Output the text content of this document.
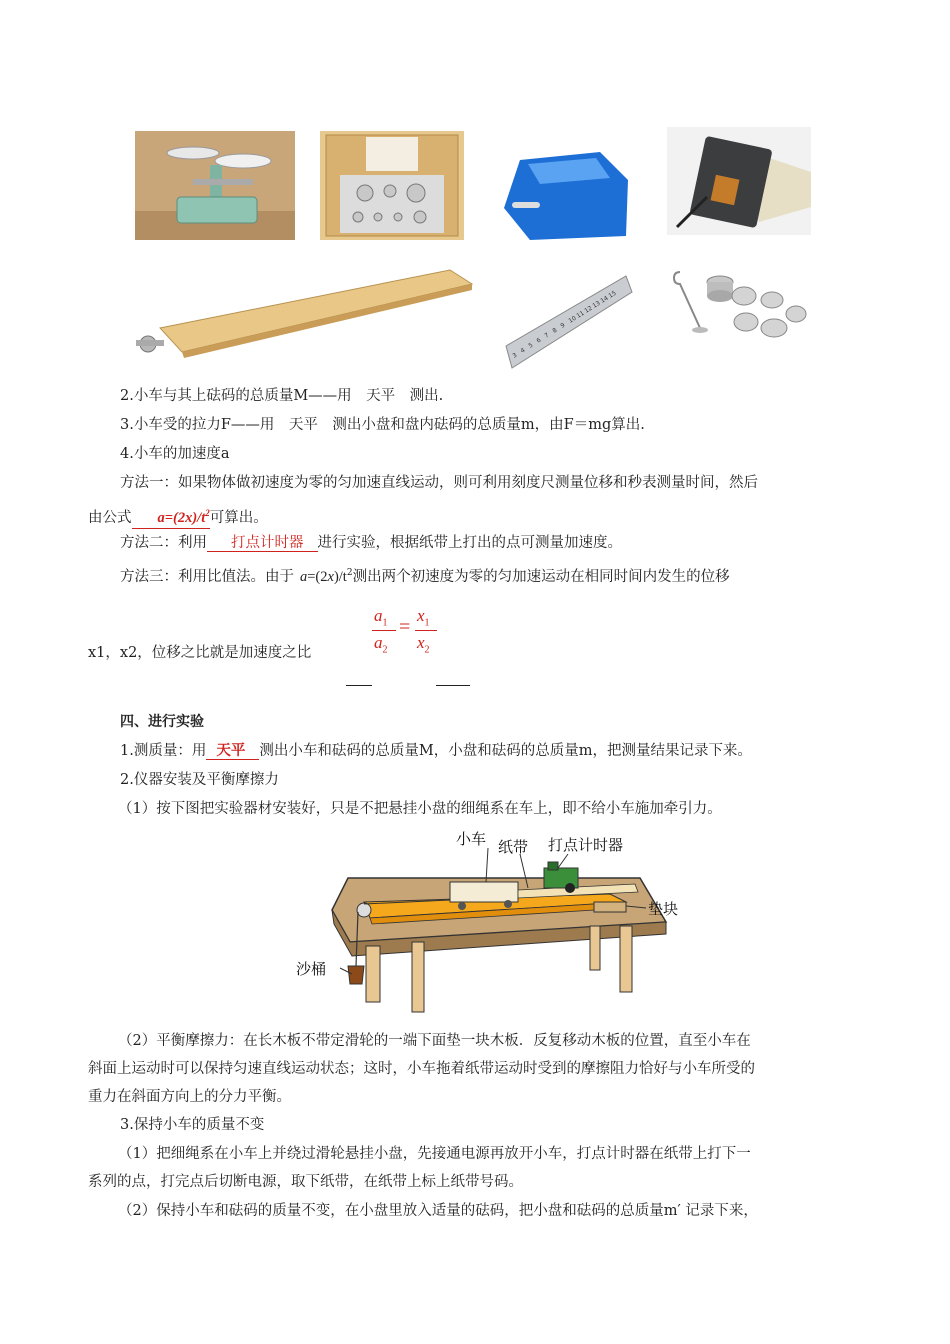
3
4
5
6
7
8
9
10
11
12
13
14
15
2.小车与其上砝码的总质量M——用　天平　测出.
3.小车受的拉力F——用　天平　测出小盘和盘内砝码的总质量m，由F＝mg算出.
4.小车的加速度a
方法一：如果物体做初速度为零的匀加速直线运动，则可利用刻度尺测量位移和秒表测量时间，然后
由公式 $a=(2x)/t^2$可算出。
方法二：利用 打点计时器 进行实验，根据纸带上打出的点可测量加速度。
方法三：利用比值法。由于 $a=(2x)/t^2$测出两个初速度为零的匀加速运动在相同时间内发生的位移
x1，x2，位移之比就是加速度之比
$a_1$
$a_2$
=
$x_1$
$x_2$
四、进行实验
1.测质量：用 天平 测出小车和砝码的总质量M，小盘和砝码的总质量m，把测量结果记录下来。
2.仪器安装及平衡摩擦力
（1）按下图把实验器材安装好，只是不把悬挂小盘的细绳系在车上，即不给小车施加牵引力。
小车 纸带 打点计时器
垫块
沙桶
（2）平衡摩擦力：在长木板不带定滑轮的一端下面垫一块木板．反复移动木板的位置，直至小车在
斜面上运动时可以保持匀速直线运动状态；这时，小车拖着纸带运动时受到的摩擦阻力恰好与小车所受的
重力在斜面方向上的分力平衡。
3.保持小车的质量不变
（1）把细绳系在小车上并绕过滑轮悬挂小盘，先接通电源再放开小车，打点计时器在纸带上打下一
系列的点，打完点后切断电源，取下纸带，在纸带上标上纸带号码。
（2）保持小车和砝码的质量不变，在小盘里放入适量的砝码，把小盘和砝码的总质量m′ 记录下来，
